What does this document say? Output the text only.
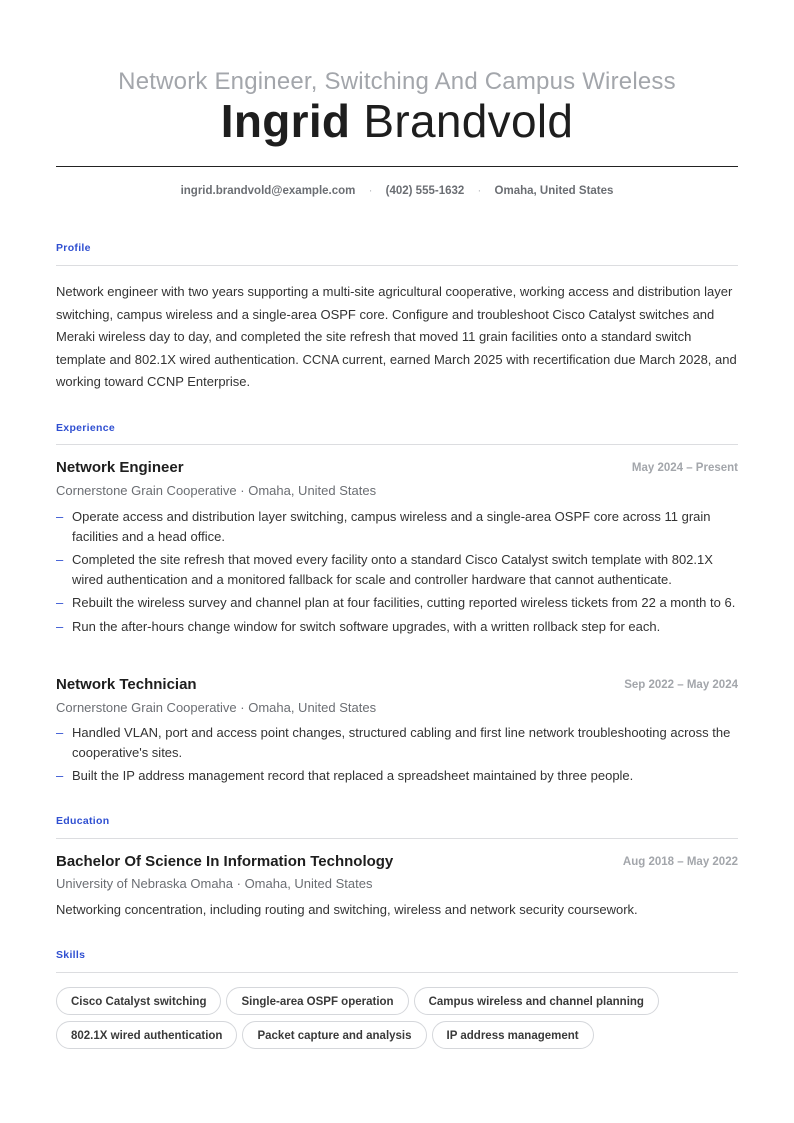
Network Engineer, Switching And Campus Wireless
Ingrid Brandvold
ingrid.brandvold@example.com · (402) 555-1632 · Omaha, United States
Profile
Network engineer with two years supporting a multi-site agricultural cooperative, working access and distribution layer switching, campus wireless and a single-area OSPF core. Configure and troubleshoot Cisco Catalyst switches and Meraki wireless day to day, and completed the site refresh that moved 11 grain facilities onto a standard switch template and 802.1X wired authentication. CCNA current, earned March 2025 with recertification due March 2028, and working toward CCNP Enterprise.
Experience
Network Engineer	May 2024 – Present
Cornerstone Grain Cooperative · Omaha, United States
– Operate access and distribution layer switching, campus wireless and a single-area OSPF core across 11 grain facilities and a head office.
– Completed the site refresh that moved every facility onto a standard Cisco Catalyst switch template with 802.1X wired authentication and a monitored fallback for scale and controller hardware that cannot authenticate.
– Rebuilt the wireless survey and channel plan at four facilities, cutting reported wireless tickets from 22 a month to 6.
– Run the after-hours change window for switch software upgrades, with a written rollback step for each.
Network Technician	Sep 2022 – May 2024
Cornerstone Grain Cooperative · Omaha, United States
– Handled VLAN, port and access point changes, structured cabling and first line network troubleshooting across the cooperative's sites.
– Built the IP address management record that replaced a spreadsheet maintained by three people.
Education
Bachelor Of Science In Information Technology	Aug 2018 – May 2022
University of Nebraska Omaha · Omaha, United States
Networking concentration, including routing and switching, wireless and network security coursework.
Skills
Cisco Catalyst switching	Single-area OSPF operation	Campus wireless and channel planning
802.1X wired authentication	Packet capture and analysis	IP address management
